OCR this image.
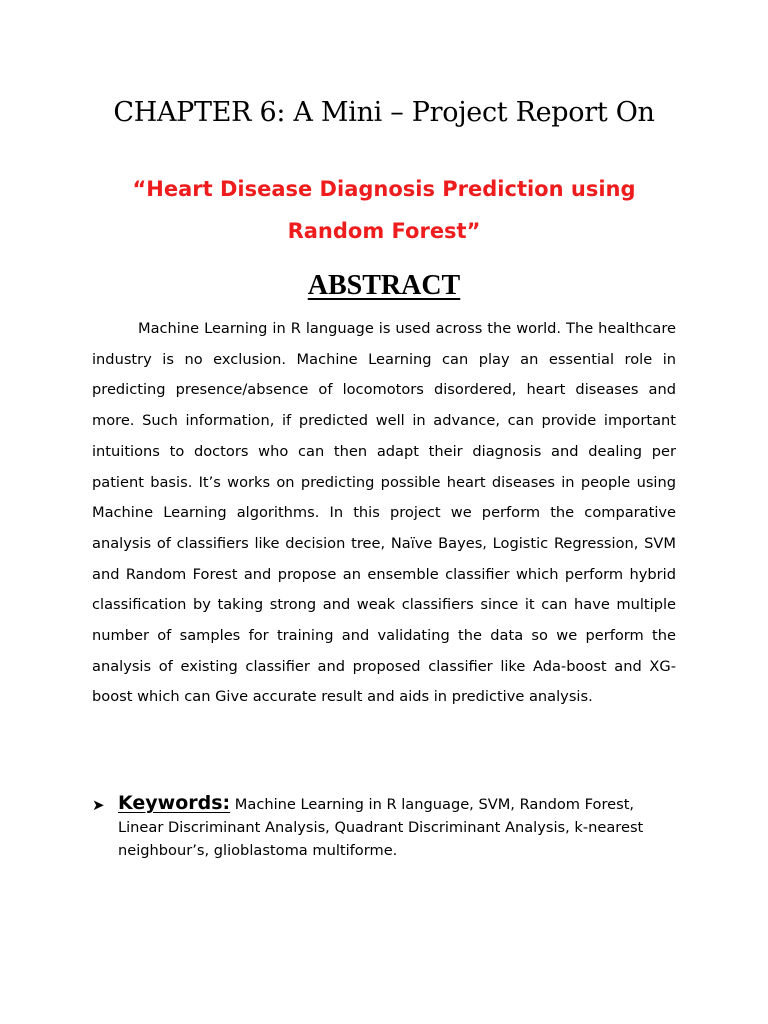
CHAPTER 6: A Mini – Project Report On
“Heart Disease Diagnosis Prediction using Random Forest”
ABSTRACT

Machine Learning in R language is used across the world. The healthcare industry is no exclusion. Machine Learning can play an essential role in predicting presence/absence of locomotors disordered, heart diseases and more. Such information, if predicted well in advance, can provide important intuitions to doctors who can then adapt their diagnosis and dealing per patient basis. It’s works on predicting possible heart diseases in people using Machine Learning algorithms. In this project we perform the comparative analysis of classifiers like decision tree, Naïve Bayes, Logistic Regression, SVM and Random Forest and propose an ensemble classifier which perform hybrid classification by taking strong and weak classifiers since it can have multiple number of samples for training and validating the data so we perform the analysis of existing classifier and proposed classifier like Ada-boost and XG-boost which can Give accurate result and aids in predictive analysis.

➤ Keywords: Machine Learning in R language, SVM, Random Forest, Linear Discriminant Analysis, Quadrant Discriminant Analysis, k-nearest neighbour’s, glioblastoma multiforme.
